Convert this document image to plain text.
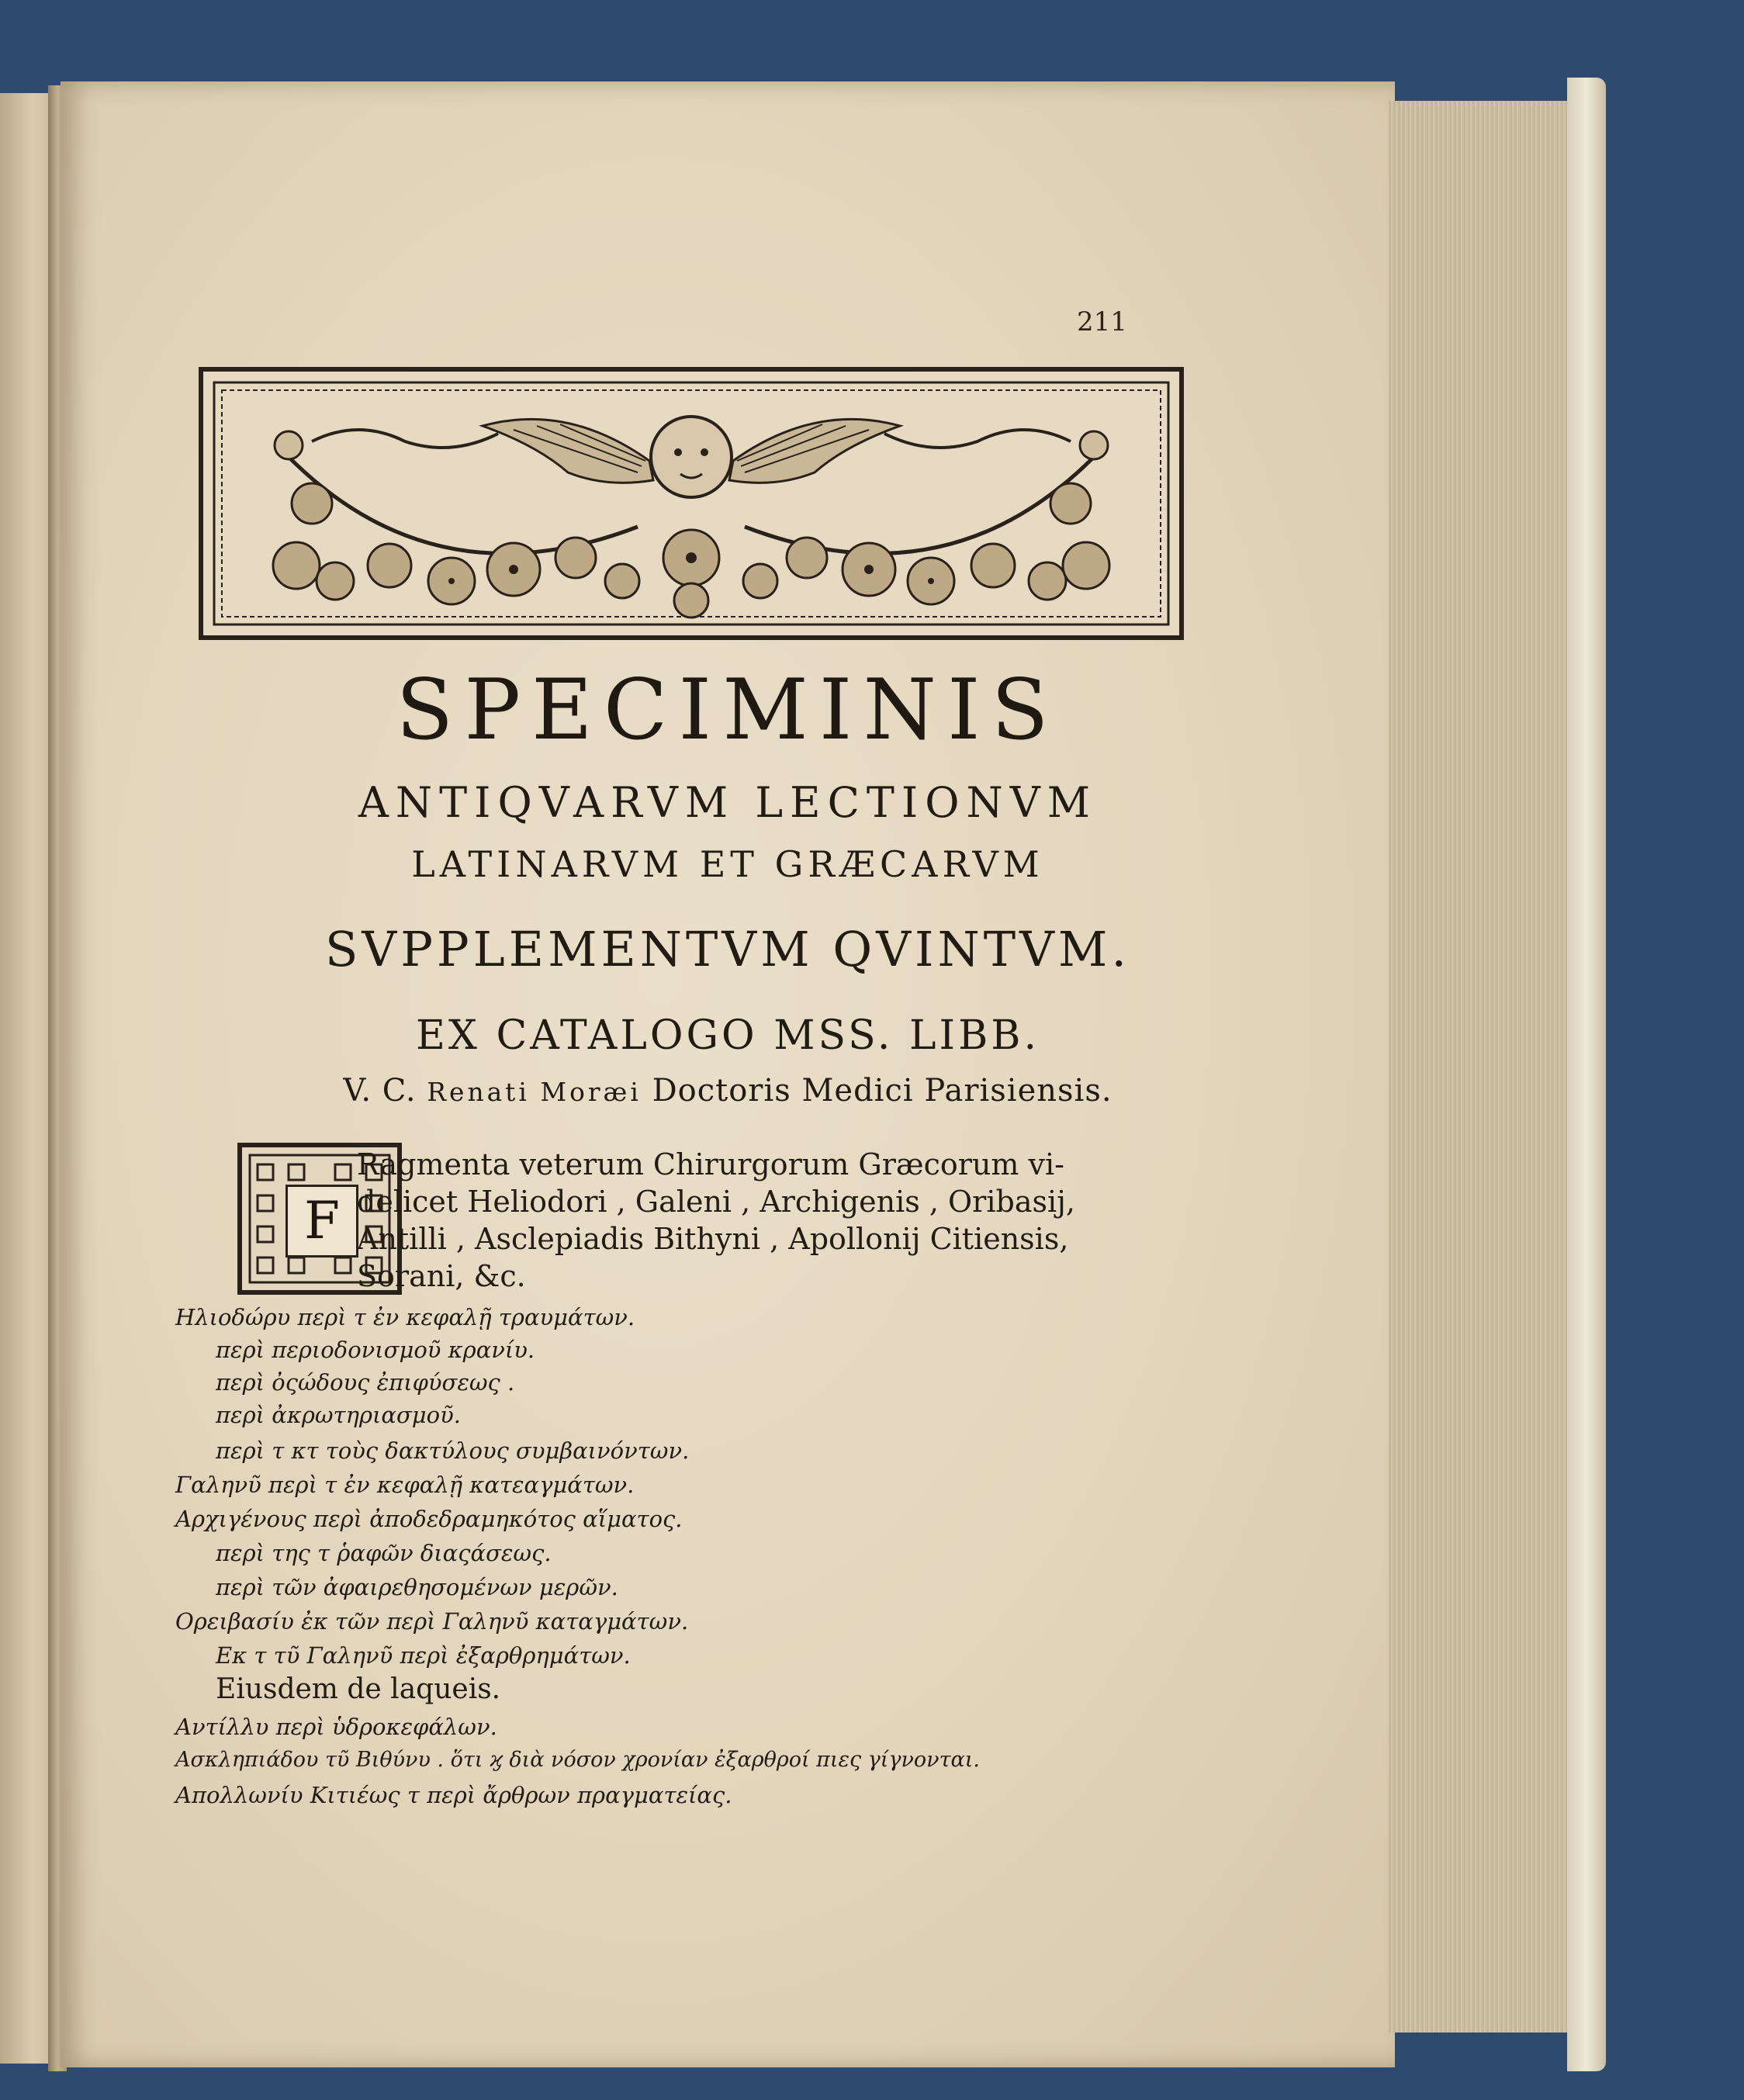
211
SPECIMINIS
ANTIQVARVM LECTIONVM
LATINARVM ET GRÆCARVM
SVPPLEMENTVM QVINTVM.
EX CATALOGO MSS. LIBB.
V. C. Renati Moræi Doctoris Medici Parisiensis.
F
Ragmenta veterum Chirurgorum Græcorum vi-
delicet Heliodori , Galeni , Archigenis , Oribasij,
Antilli , Asclepiadis Bithyni , Apollonij Citiensis,
Sorani, &c.
Ηλιοδώρυ περὶ τ ἐν κεφαλῇ τραυμάτων.
περὶ περιοδονισμοῦ κρανίυ.
περὶ ὀςώδους ἐπιφύσεως .
περὶ ἀκρωτηριασμοῦ.
περὶ τ κτ τοὺς δακτύλους συμβαινόντων.
Γαληνῦ περὶ τ ἐν κεφαλῇ κατεαγμάτων.
Αρχιγένους περὶ ἀποδεδραμηκότος αἵματος.
περὶ της τ ῥαφῶν διαςάσεως.
περὶ τῶν ἀφαιρεθησομένων μερῶν.
Ορειβασίυ ἐκ τῶν περὶ Γαληνῦ καταγμάτων.
Εκ τ τῦ Γαληνῦ περὶ ἐξαρθρημάτων.
Eiusdem de laqueis.
Αντίλλυ περὶ ὑδροκεφάλων.
Ασκληπιάδου τῦ Βιθύνυ . ὅτι ϗ διὰ νόσον χρονίαν ἐξαρθροί πιες γίγνονται.
Απολλωνίυ Κιτιέως τ περὶ ἄρθρων πραγματείας.
